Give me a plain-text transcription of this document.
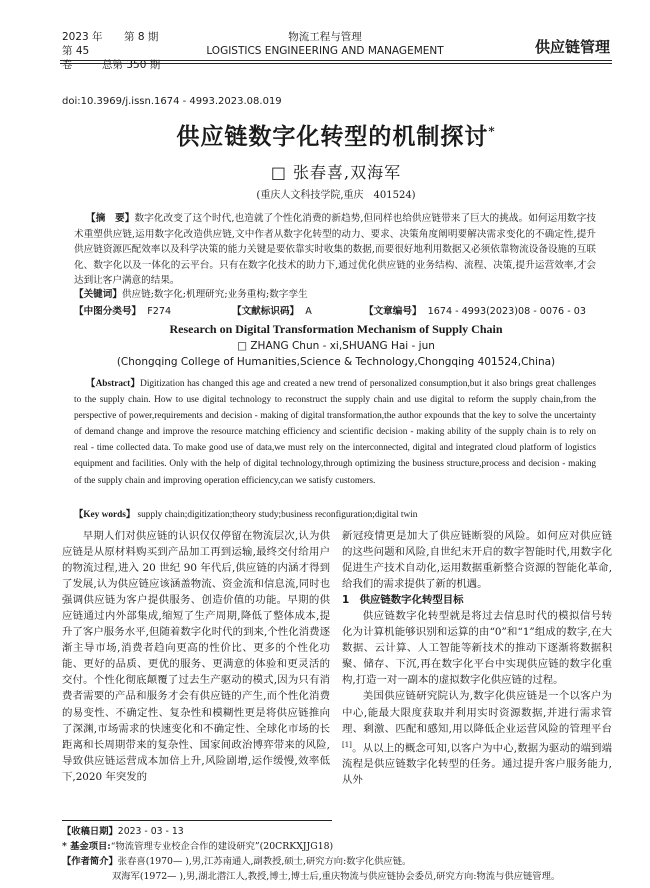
2023 年 第 8 期
第 45 卷	总第 350 期
物流工程与管理
LOGISTICS ENGINEERING AND MANAGEMENT	供应链管理
doi:10.3969/j.issn.1674 - 4993.2023.08.019
供应链数字化转型的机制探讨*
□ 张春喜,双海军
(重庆人文科技学院,重庆　401524)
【摘　要】数字化改变了这个时代,也造就了个性化消费的新趋势,但同样也给供应链带来了巨大的挑战。如何运用数字技术重塑供应链,运用数字化改造供应链,文中作者从数字化转型的动力、要求、决策角度阐明要解决需求变化的不确定性,提升供应链资源匹配效率以及科学决策的能力关键是要依靠实时收集的数据,而要很好地利用数据又必须依靠物流设备设施的互联化、数字化以及一体化的云平台。只有在数字化技术的助力下,通过优化供应链的业务结构、流程、决策,提升运营效率,才会达到让客户满意的结果。
【关键词】供应链;数字化;机理研究;业务重构;数字孪生
【中图分类号】 F274	【文献标识码】 A	【文章编号】 1674 - 4993(2023)08 - 0076 - 03
Research on Digital Transformation Mechanism of Supply Chain
□ ZHANG Chun - xi,SHUANG Hai - jun
(Chongqing College of Humanities,Science & Technology,Chongqing 401524,China)
【Abstract】Digitization has changed this age and created a new trend of personalized consumption,but it also brings great challenges to the supply chain. How to use digital technology to reconstruct the supply chain and use digital to reform the supply chain,from the perspective of power,requirements and decision - making of digital transformation,the author expounds that the key to solve the uncertainty of demand change and improve the resource matching efficiency and scientific decision - making ability of the supply chain is to rely on real - time collected data. To make good use of data,we must rely on the interconnected, digital and integrated cloud platform of logistics equipment and facilities. Only with the help of digital technology,through optimizing the business structure,process and decision - making of the supply chain and improving operation efficiency,can we satisfy customers.
【Key words】 supply chain;digitization;theory study;business reconfiguration;digital twin

早期人们对供应链的认识仅仅停留在物流层次,认为供应链是从原材料购买到产品加工再到运输,最终交付给用户的物流过程,进入 20 世纪 90 年代后,供应链的内涵才得到了发展,认为供应链应该涵盖物流、资金流和信息流,同时也强调供应链为客户提供服务、创造价值的功能。早期的供应链通过内外部集成,缩短了生产周期,降低了整体成本,提升了客户服务水平,但随着数字化时代的到来,个性化消费逐渐主导市场,消费者趋向更高的性价比、更多的个性化功能、更好的品质、更优的服务、更满意的体验和更灵活的交付。个性化彻底颠覆了过去生产驱动的模式,因为只有消费者需要的产品和服务才会有供应链的产生,而个性化消费的易变性、不确定性、复杂性和模糊性更是将供应链推向了深渊,市场需求的快速变化和不确定性、全球化市场的长距离和长周期带来的复杂性、国家间政治博弈带来的风险,导致供应链运营成本加倍上升,风险剧增,运作缓慢,效率低下,2020 年突发的

新冠疫情更是加大了供应链断裂的风险。如何应对供应链的这些问题和风险,自世纪末开启的数字智能时代,用数字化促进生产技术自动化,运用数据重新整合资源的智能化革命,给我们的需求提供了新的机遇。

1　供应链数字化转型目标

供应链数字化转型就是将过去信息时代的模拟信号转化为计算机能够识别和运算的由“0”和“1”组成的数字,在大数据、云计算、人工智能等新技术的推动下逐渐将数据积聚、储存、下沉,再在数字化平台中实现供应链的数字化重构,打造一对一副本的虚拟数字化供应链的过程。

美国供应链研究院认为,数字化供应链是一个以客户为中心,能最大限度获取并利用实时资源数据,并进行需求管理、剩激、匹配和感知,用以降低企业运营风险的管理平台[1]。从以上的概念可知,以客户为中心,数据为驱动的端到端流程是供应链数字化转型的任务。通过提升客户服务能力,从外

【收稿日期】2023 - 03 - 13
* 基金项目:“物流管理专业校企合作的建设研究”(20CRKXJJG18)
【作者简介】张春喜(1970— ),男,江苏南通人,副教授,硕士,研究方向:数字化供应链。
双海军(1972— ),男,湖北潜江人,教授,博士,博士后,重庆物流与供应链协会委员,研究方向:物流与供应链管理。
